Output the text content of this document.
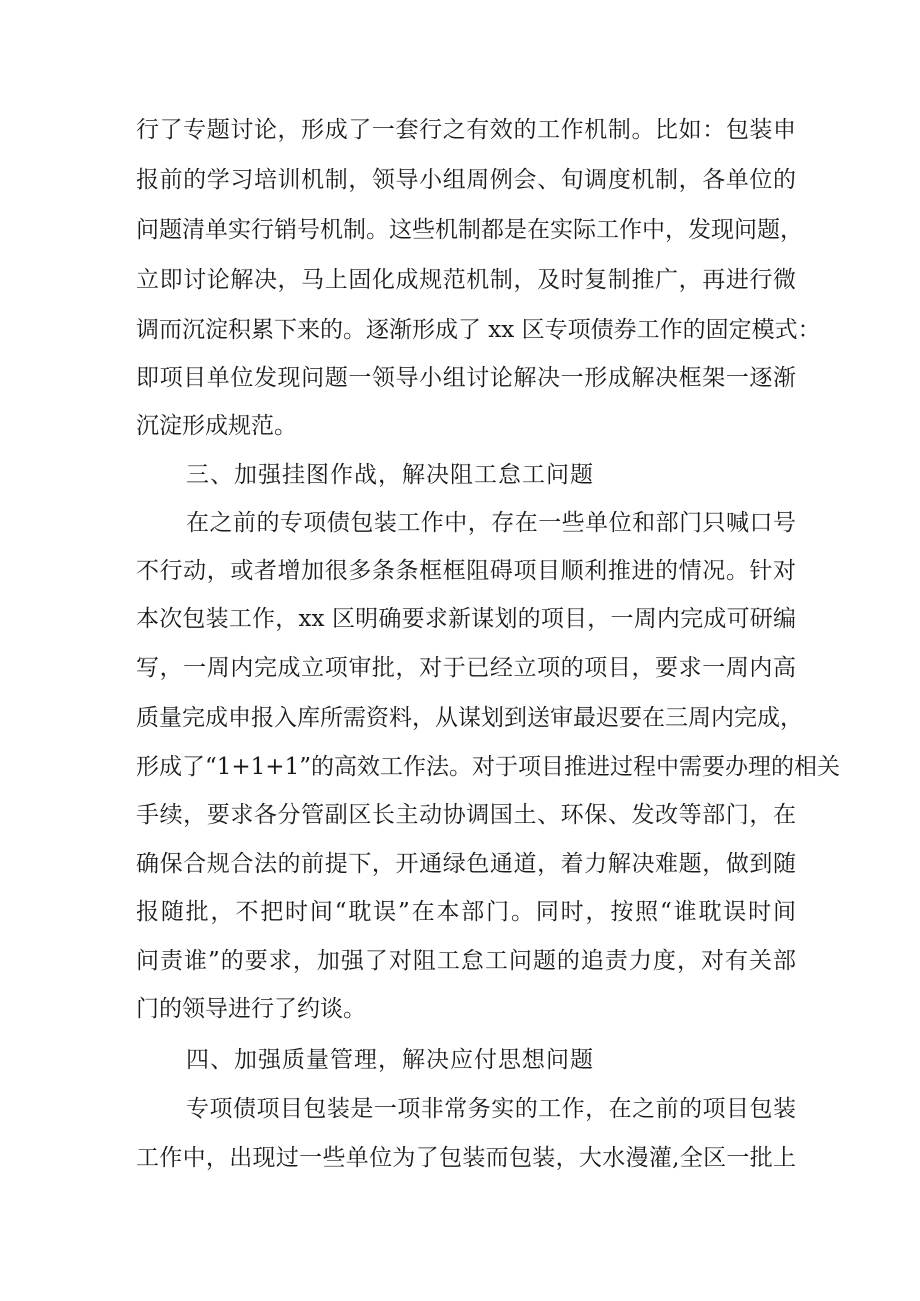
行了专题讨论，形成了一套行之有效的工作机制。比如：包装申
报前的学习培训机制，领导小组周例会、旬调度机制，各单位的
问题清单实行销号机制。这些机制都是在实际工作中，发现问题，
立即讨论解决，马上固化成规范机制，及时复制推广，再进行微
调而沉淀积累下来的。逐渐形成了 xx 区专项债券工作的固定模式：
即项目单位发现问题一领导小组讨论解决一形成解决框架一逐渐
沉淀形成规范。
三、加强挂图作战，解决阻工怠工问题
在之前的专项债包装工作中，存在一些单位和部门只喊口号
不行动，或者增加很多条条框框阻碍项目顺利推进的情况。针对
本次包装工作，xx 区明确要求新谋划的项目，一周内完成可研编
写，一周内完成立项审批，对于已经立项的项目，要求一周内高
质量完成申报入库所需资料，从谋划到送审最迟要在三周内完成，
形成了“1+1+1”的高效工作法。对于项目推进过程中需要办理的相关
手续，要求各分管副区长主动协调国土、环保、发改等部门，在
确保合规合法的前提下，开通绿色通道，着力解决难题，做到随
报随批，不把时间“耽误”在本部门。同时，按照“谁耽误时间
问责谁”的要求，加强了对阻工怠工问题的追责力度，对有关部
门的领导进行了约谈。
四、加强质量管理，解决应付思想问题
专项债项目包装是一项非常务实的工作，在之前的项目包装
工作中，出现过一些单位为了包装而包装，大水漫灌,全区一批上
